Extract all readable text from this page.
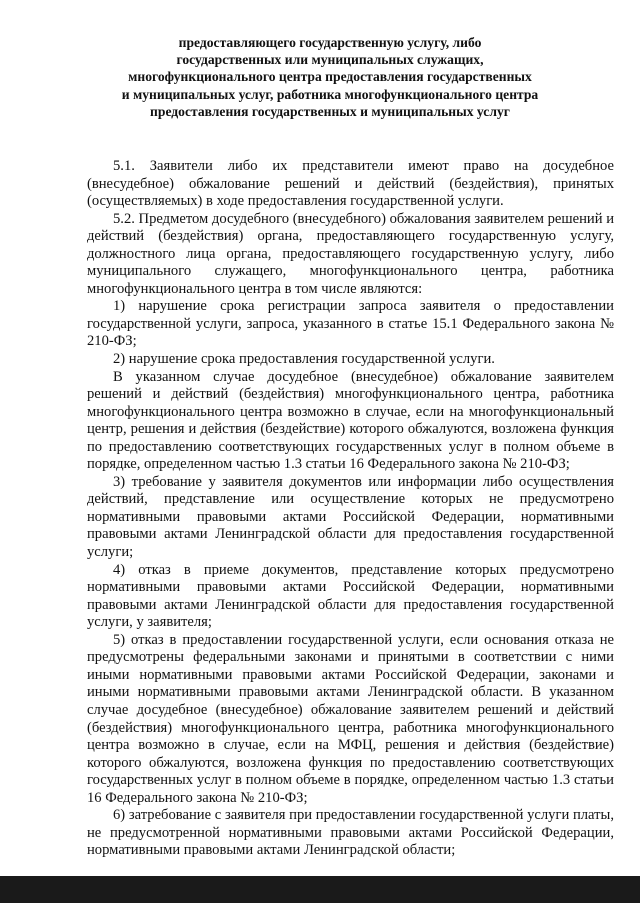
предоставляющего государственную услугу, либо
государственных или муниципальных служащих,
многофункционального центра предоставления государственных
и муниципальных услуг, работника многофункционального центра
предоставления государственных и муниципальных услуг

5.1. Заявители либо их представители имеют право на досудебное (внесудебное) обжалование решений и действий (бездействия), принятых (осуществляемых) в ходе предоставления государственной услуги.

5.2. Предметом досудебного (внесудебного) обжалования заявителем решений и действий (бездействия) органа, предоставляющего государственную услугу, должностного лица органа, предоставляющего государственную услугу, либо муниципального служащего, многофункционального центра, работника многофункционального центра в том числе являются:

1) нарушение срока регистрации запроса заявителя о предоставлении государственной услуги, запроса, указанного в статье 15.1 Федерального закона № 210-ФЗ;

2) нарушение срока предоставления государственной услуги.

В указанном случае досудебное (внесудебное) обжалование заявителем решений и действий (бездействия) многофункционального центра, работника многофункционального центра возможно в случае, если на многофункциональный центр, решения и действия (бездействие) которого обжалуются, возложена функция по предоставлению соответствующих государственных услуг в полном объеме в порядке, определенном частью 1.3 статьи 16 Федерального закона № 210-ФЗ;

3) требование у заявителя документов или информации либо осуществления действий, представление или осуществление которых не предусмотрено нормативными правовыми актами Российской Федерации, нормативными правовыми актами Ленинградской области для предоставления государственной услуги;

4) отказ в приеме документов, представление которых предусмотрено нормативными правовыми актами Российской Федерации, нормативными правовыми актами Ленинградской области для предоставления государственной услуги, у заявителя;

5) отказ в предоставлении государственной услуги, если основания отказа не предусмотрены федеральными законами и принятыми в соответствии с ними иными нормативными правовыми актами Российской Федерации, законами и иными нормативными правовыми актами Ленинградской области. В указанном случае досудебное (внесудебное) обжалование заявителем решений и действий (бездействия) многофункционального центра, работника многофункционального центра возможно в случае, если на МФЦ, решения и действия (бездействие) которого обжалуются, возложена функция по предоставлению соответствующих государственных услуг в полном объеме в порядке, определенном частью 1.3 статьи 16 Федерального закона № 210-ФЗ;

6) затребование с заявителя при предоставлении государственной услуги платы, не предусмотренной нормативными правовыми актами Российской Федерации, нормативными правовыми актами Ленинградской области;
